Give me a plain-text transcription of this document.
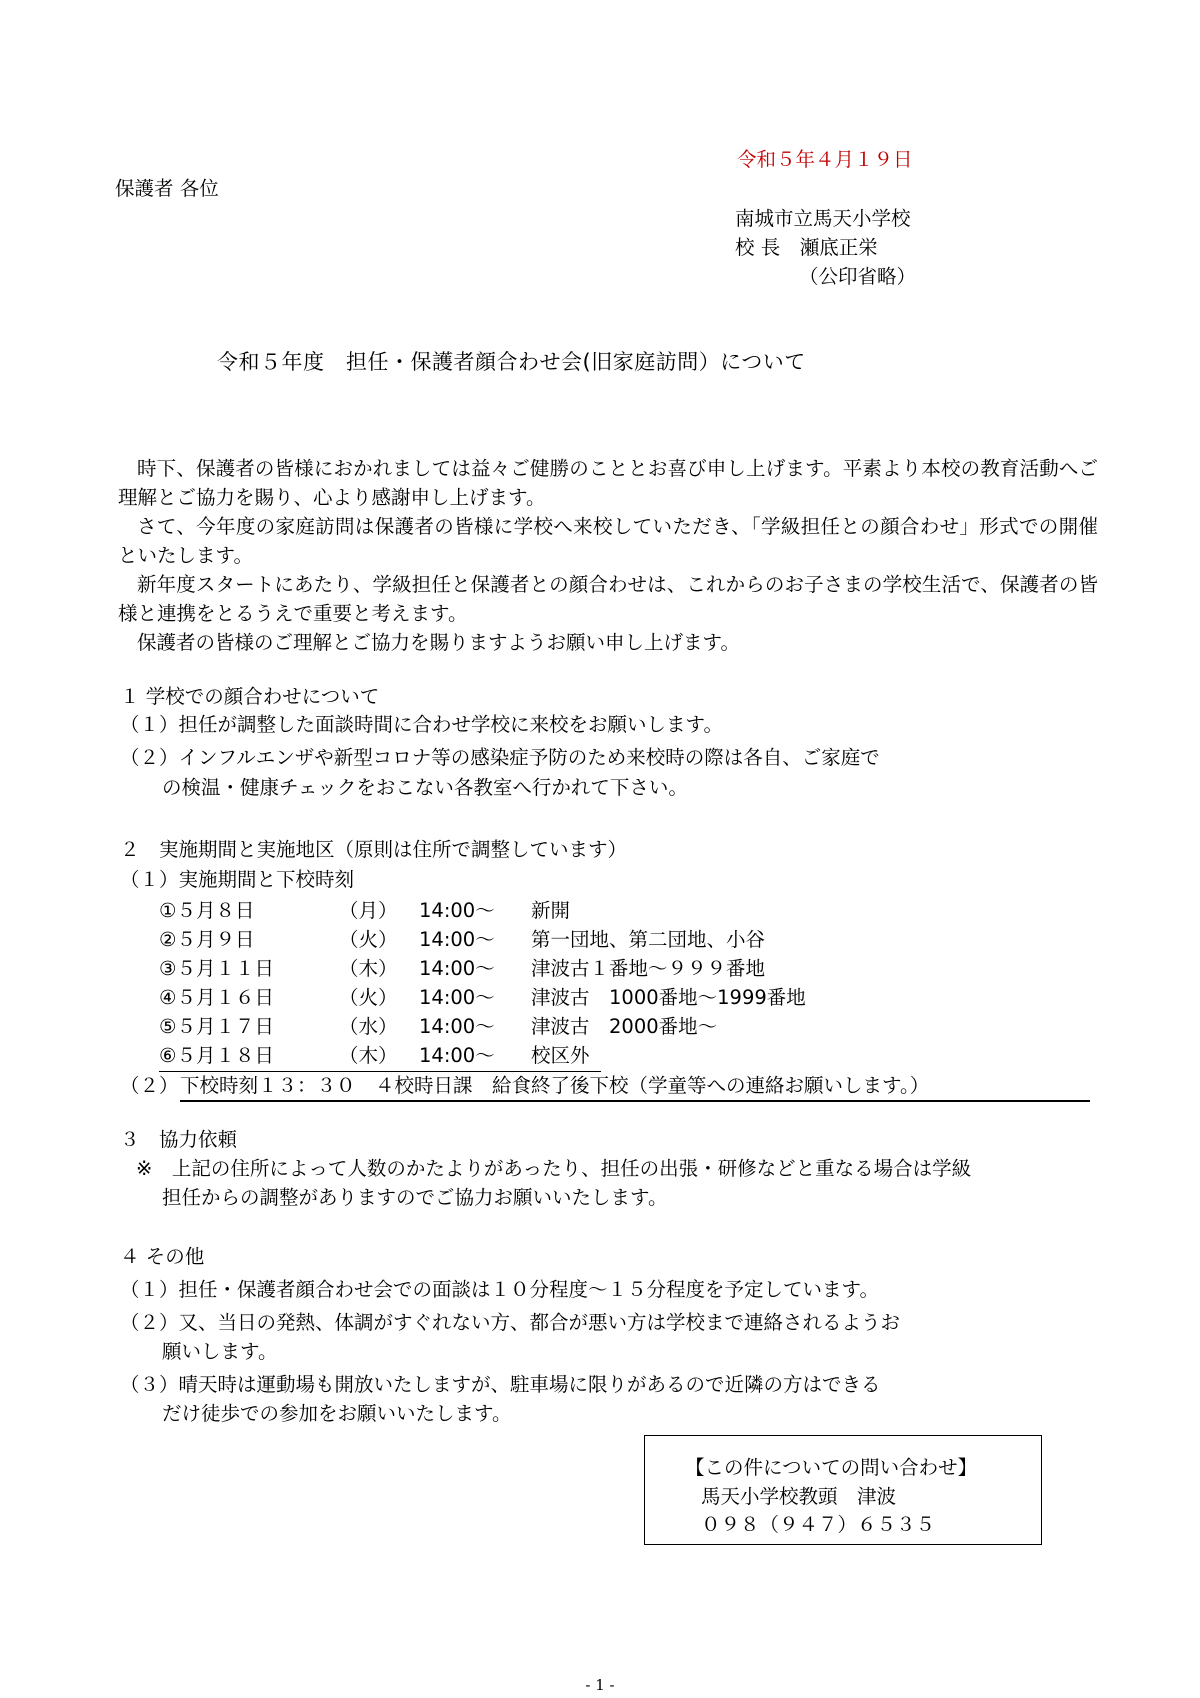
令和５年４月１９日
保護者 各位
南城市立馬天小学校
校 長　瀬底正栄
（公印省略）
令和５年度　担任・保護者顔合わせ会(旧家庭訪問）について

時下、保護者の皆様におかれましては益々ご健勝のこととお喜び申し上げます。平素より本校の教育活動へご理解とご協力を賜り、心より感謝申し上げます。

さて、今年度の家庭訪問は保護者の皆様に学校へ来校していただき、「学級担任との顔合わせ」形式での開催といたします。

新年度スタートにあたり、学級担任と保護者との顔合わせは、これからのお子さまの学校生活で、保護者の皆様と連携をとるうえで重要と考えます。

保護者の皆様のご理解とご協力を賜りますようお願い申し上げます。

１ 学校での顔合わせについて
（１）担任が調整した面談時間に合わせ学校に来校をお願いします。
（２）インフルエンザや新型コロナ等の感染症予防のため来校時の際は各自、ご家庭で
の検温・健康チェックをおこない各教室へ行かれて下さい。
２　実施期間と実施地区（原則は住所で調整しています）
（１）実施期間と下校時刻
①５月８日	（月） 14:00～ 新開
②５月９日	（火） 14:00～ 第一団地、第二団地、小谷
③５月１１日	（木） 14:00～ 津波古１番地～９９９番地
④５月１６日	（火） 14:00～ 津波古　1000番地～1999番地
⑤５月１７日	（水） 14:00～ 津波古　2000番地～
⑥５月１８日	（木） 14:00～ 校区外
（２） 下校時刻１３：３０　４校時日課　給食終了後下校（学童等への連絡お願いします。）
３　協力依頼
※　上記の住所によって人数のかたよりがあったり、担任の出張・研修などと重なる場合は学級
担任からの調整がありますのでご協力お願いいたします。
４ その他
（１）担任・保護者顔合わせ会での面談は１０分程度～１５分程度を予定しています。
（２）又、当日の発熱、体調がすぐれない方、都合が悪い方は学校まで連絡されるようお
願いします。
（３）晴天時は運動場も開放いたしますが、駐車場に限りがあるので近隣の方はできる
だけ徒歩での参加をお願いいたします。
【この件についての問い合わせ】
馬天小学校教頭　津波
０９８（９４７）６５３５
- 1 -
